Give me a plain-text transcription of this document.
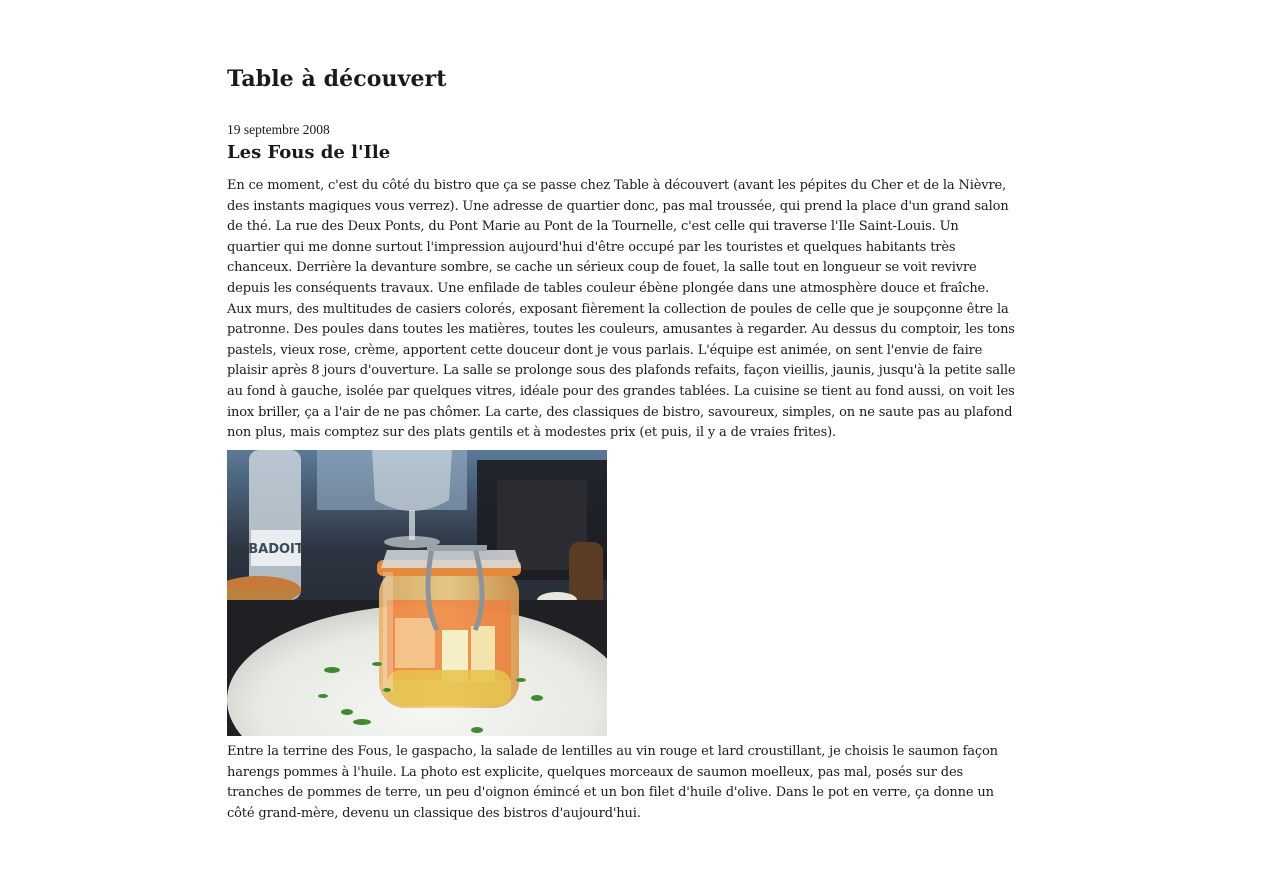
Table à découvert
19 septembre 2008
Les Fous de l'Ile

En ce moment, c'est du côté du bistro que ça se passe chez Table à découvert (avant les pépites du Cher et de la Nièvre,
des instants magiques vous verrez). Une adresse de quartier donc, pas mal troussée, qui prend la place d'un grand salon
de thé. La rue des Deux Ponts, du Pont Marie au Pont de la Tournelle, c'est celle qui traverse l'Ile Saint-Louis. Un
quartier qui me donne surtout l'impression aujourd'hui d'être occupé par les touristes et quelques habitants très
chanceux. Derrière la devanture sombre, se cache un sérieux coup de fouet, la salle tout en longueur se voit revivre
depuis les conséquents travaux. Une enfilade de tables couleur ébène plongée dans une atmosphère douce et fraîche.
Aux murs, des multitudes de casiers colorés, exposant fièrement la collection de poules de celle que je soupçonne être la
patronne. Des poules dans toutes les matières, toutes les couleurs, amusantes à regarder. Au dessus du comptoir, les tons
pastels, vieux rose, crème, apportent cette douceur dont je vous parlais. L'équipe est animée, on sent l'envie de faire
plaisir après 8 jours d'ouverture. La salle se prolonge sous des plafonds refaits, façon vieillis, jaunis, jusqu'à la petite salle
au fond à gauche, isolée par quelques vitres, idéale pour des grandes tablées. La cuisine se tient au fond aussi, on voit les
inox briller, ça a l'air de ne pas chômer. La carte, des classiques de bistro, savoureux, simples, on ne saute pas au plafond
non plus, mais comptez sur des plats gentils et à modestes prix (et puis, il y a de vraies frites).

BADOIT

Entre la terrine des Fous, le gaspacho, la salade de lentilles au vin rouge et lard croustillant, je choisis le saumon façon
harengs pommes à l'huile. La photo est explicite, quelques morceaux de saumon moelleux, pas mal, posés sur des
tranches de pommes de terre, un peu d'oignon émincé et un bon filet d'huile d'olive. Dans le pot en verre, ça donne un
côté grand-mère, devenu un classique des bistros d'aujourd'hui.
